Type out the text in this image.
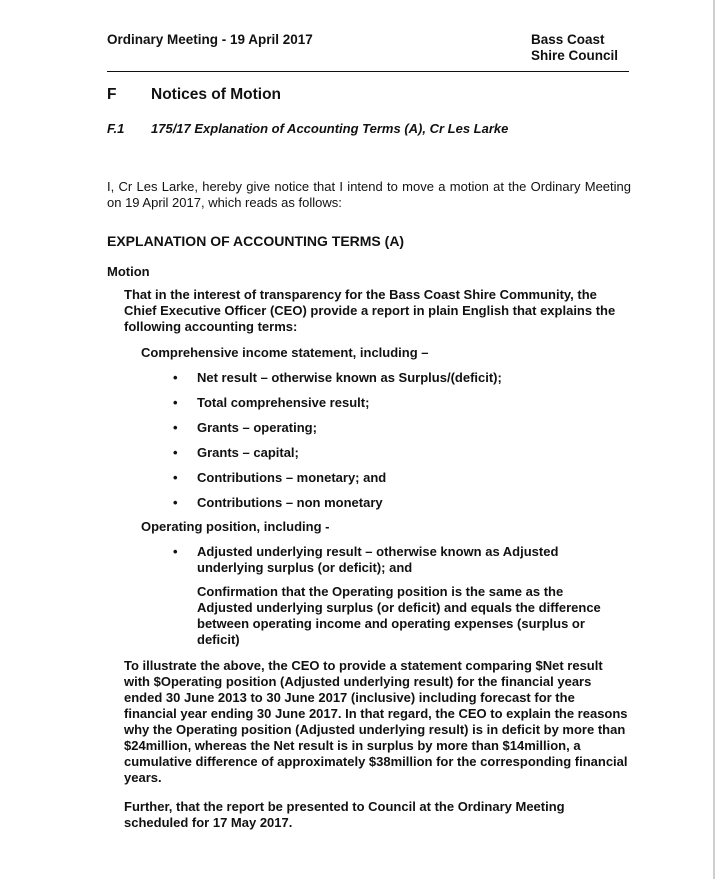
Ordinary Meeting - 19 April 2017	Bass Coast
Shire Council
F Notices of Motion
F.1 175/17 Explanation of Accounting Terms (A), Cr Les Larke
I, Cr Les Larke, hereby give notice that I intend to move a motion at the Ordinary Meeting on 19 April 2017, which reads as follows:
EXPLANATION OF ACCOUNTING TERMS (A)
Motion
That in the interest of transparency for the Bass Coast Shire Community, the Chief Executive Officer (CEO) provide a report in plain English that explains the following accounting terms:
Comprehensive income statement, including –
• Net result – otherwise known as Surplus/(deficit);
• Total comprehensive result;
• Grants – operating;
• Grants – capital;
• Contributions – monetary; and
• Contributions – non monetary
Operating position, including -
• Adjusted underlying result – otherwise known as Adjusted underlying surplus (or deficit); and
Confirmation that the Operating position is the same as the Adjusted underlying surplus (or deficit) and equals the difference between operating income and operating expenses (surplus or deficit)
To illustrate the above, the CEO to provide a statement comparing $Net result with $Operating position (Adjusted underlying result) for the financial years ended 30 June 2013 to 30 June 2017 (inclusive) including forecast for the financial year ending 30 June 2017. In that regard, the CEO to explain the reasons why the Operating position (Adjusted underlying result) is in deficit by more than $24million, whereas the Net result is in surplus by more than $14million, a cumulative difference of approximately $38million for the corresponding financial years.
Further, that the report be presented to Council at the Ordinary Meeting scheduled for 17 May 2017.
